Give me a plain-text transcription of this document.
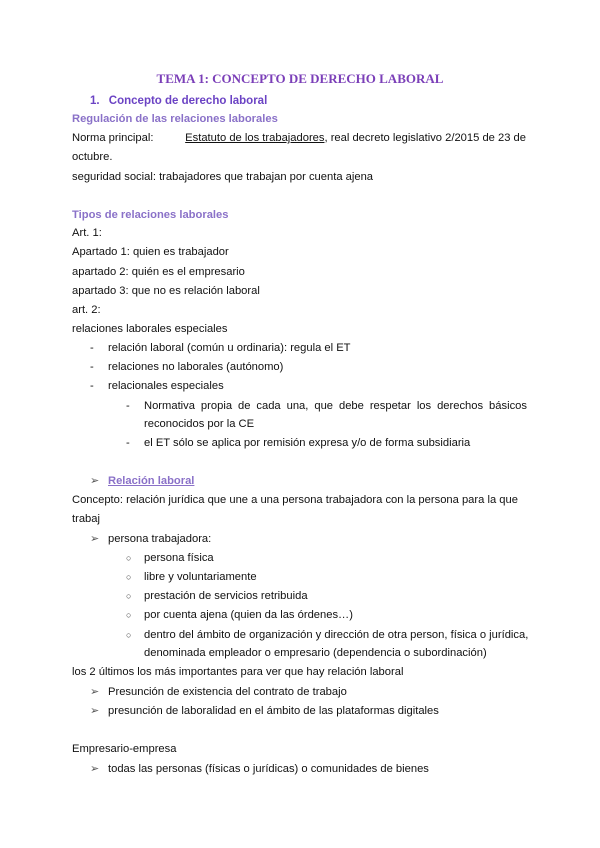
TEMA 1: CONCEPTO DE DERECHO LABORAL
1. Concepto de derecho laboral
Regulación de las relaciones laborales
Norma principal:	Estatuto de los trabajadores, real decreto legislativo 2/2015 de 23 de
octubre.
seguridad social: trabajadores que trabajan por cuenta ajena
Tipos de relaciones laborales
Art. 1:
Apartado 1: quien es trabajador
apartado 2: quién es el empresario
apartado 3: que no es relación laboral
art. 2:
relaciones laborales especiales
- relación laboral (común u ordinaria): regula el ET
- relaciones no laborales (autónomo)
- relacionales especiales
- Normativa propia de cada una, que debe respetar los derechos básicos
reconocidos por la CE
- el ET sólo se aplica por remisión expresa y/o de forma subsidiaria
➢ Relación laboral
Concepto: relación jurídica que une a una persona trabajadora con la persona para la que
trabaj
➢ persona trabajadora:
○ persona física
○ libre y voluntariamente
○ prestación de servicios retribuida
○ por cuenta ajena (quien da las órdenes…)
○ dentro del ámbito de organización y dirección de otra person, física o jurídica,
denominada empleador o empresario (dependencia o subordinación)
los 2 últimos los más importantes para ver que hay relación laboral
➢ Presunción de existencia del contrato de trabajo
➢ presunción de laboralidad en el ámbito de las plataformas digitales
Empresario-empresa
➢ todas las personas (físicas o jurídicas) o comunidades de bienes
